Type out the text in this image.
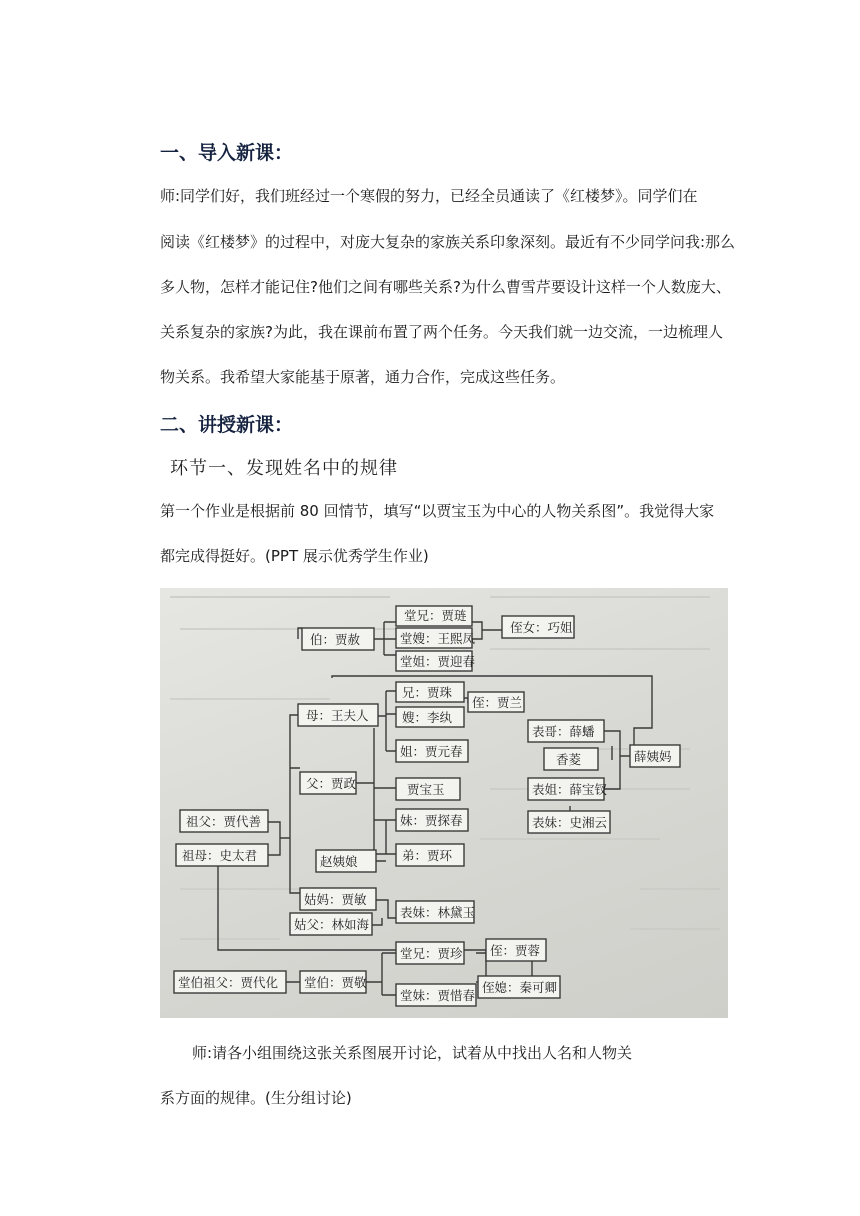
一、导入新课：
师:同学们好，我们班经过一个寒假的努力，已经全员通读了《红楼梦》。同学们在
阅读《红楼梦》的过程中，对庞大复杂的家族关系印象深刻。最近有不少同学问我:那么
多人物，怎样才能记住?他们之间有哪些关系?为什么曹雪芹要设计这样一个人数庞大、
关系复杂的家族?为此，我在课前布置了两个任务。今天我们就一边交流，一边梳理人
物关系。我希望大家能基于原著，通力合作，完成这些任务。
二、讲授新课：
环节一、发现姓名中的规律
第一个作业是根据前 80 回情节，填写“以贾宝玉为中心的人物关系图”。我觉得大家
都完成得挺好。(PPT 展示优秀学生作业)
伯：贾赦
堂兄：贾琏
堂嫂：王熙凤
堂姐：贾迎春
侄女：巧姐
母：王夫人
兄：贾珠
嫂：李纨
侄：贾兰
姐：贾元春
父：贾政	贾宝玉
妹：贾探春
赵姨娘	弟：贾环
祖父：贾代善
祖母：史太君
姑妈：贾敏
表妹：林黛玉
姑父：林如海
表哥：薛蟠
香菱
表姐：薛宝钗
薛姨妈
表妹：史湘云
堂伯祖父：贾代化 堂伯：贾敬
堂兄：贾珍 侄：贾蓉
堂妹：贾惜春
侄媳：秦可卿
师:请各小组围绕这张关系图展开讨论，试着从中找出人名和人物关
系方面的规律。(生分组讨论)
